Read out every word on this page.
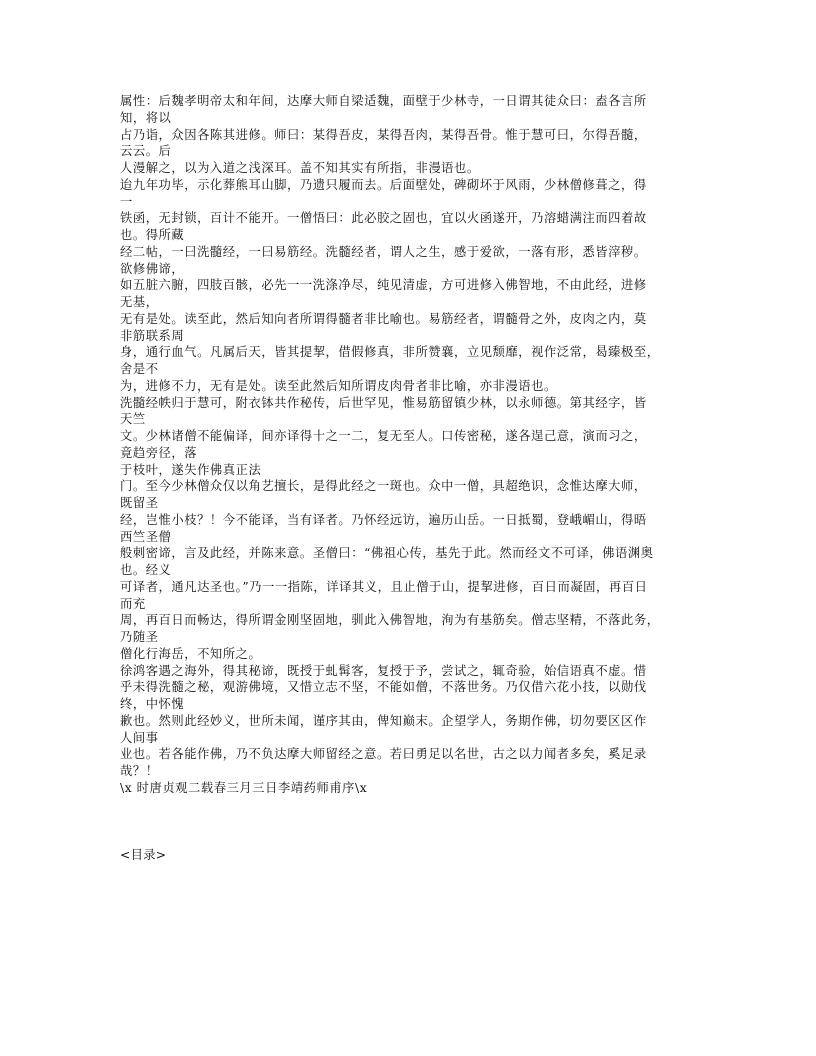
属性：后魏孝明帝太和年间，达摩大师自梁适魏，面壁于少林寺，一日谓其徒众曰：盍各言所
知，将以
占乃诣，众因各陈其进修。师曰：某得吾皮，某得吾肉，某得吾骨。惟于慧可曰，尔得吾髓，
云云。后
人漫解之，以为入道之浅深耳。盖不知其实有所指，非漫语也。
迨九年功毕，示化葬熊耳山脚，乃遗只履而去。后面壁处，碑砌坏于风雨，少林僧修葺之，得
一
铁函，无封锁，百计不能开。一僧悟曰：此必胶之固也，宜以火函遂开，乃溶蜡满注而四着故
也。得所藏
经二帖，一曰洗髓经，一曰易筋经。洗髓经者，谓人之生，感于爱欲，一落有形，悉皆滓秽。
欲修佛谛，
如五脏六腑，四肢百骸，必先一一洗涤净尽，纯见清虚，方可进修入佛智地，不由此经，进修
无基，
无有是处。读至此，然后知向者所谓得髓者非比喻也。易筋经者，谓髓骨之外，皮肉之内，莫
非筋联系周
身，通行血气。凡属后天，皆其提挈，借假修真，非所赞襄，立见颓靡，视作泛常，曷臻极至，
舍是不
为，进修不力，无有是处。读至此然后知所谓皮肉骨者非比喻，亦非漫语也。
洗髓经帙归于慧可，附衣钵共作秘传，后世罕见，惟易筋留镇少林，以永师德。第其经字，皆
天竺
文。少林诸僧不能偏译，间亦译得十之一二，复无至人。口传密秘，遂各逞己意，演而习之，
竟趋旁径，落
于枝叶，遂失作佛真正法
门。至今少林僧众仅以角艺擅长，是得此经之一斑也。众中一僧，具超绝识，念惟达摩大师，
既留圣
经，岂惟小枝？！今不能译，当有译者。乃怀经远访，遍历山岳。一日抵蜀，登峨嵋山，得晤
西竺圣僧
般刺密谛，言及此经，并陈来意。圣僧曰：“佛祖心传，基先于此。然而经文不可译，佛语渊奥
也。经义
可译者，通凡达圣也。”乃一一指陈，详译其义，且止僧于山，提挈进修，百日而凝固，再百日
而充
周，再百日而畅达，得所谓金刚坚固地，驯此入佛智地，洵为有基筋矣。僧志坚精，不落此务，
乃随圣
僧化行海岳，不知所之。
徐鸿客遇之海外，得其秘谛，既授于虬髯客，复授于予，尝试之，辄奇验，始信语真不虚。惜
乎未得洗髓之秘，观游佛境，又惜立志不坚，不能如僧，不落世务。乃仅借六花小技，以勋伐
终，中怀愧
歉也。然则此经妙义，世所未闻，谨序其由，俾知巅末。企望学人，务期作佛，切勿要区区作
人间事
业也。若各能作佛，乃不负达摩大师留经之意。若曰勇足以名世，古之以力闻者多矣，奚足录
哉？！
\x 时唐贞观二载春三月三日李靖药师甫序\x
<目录>
